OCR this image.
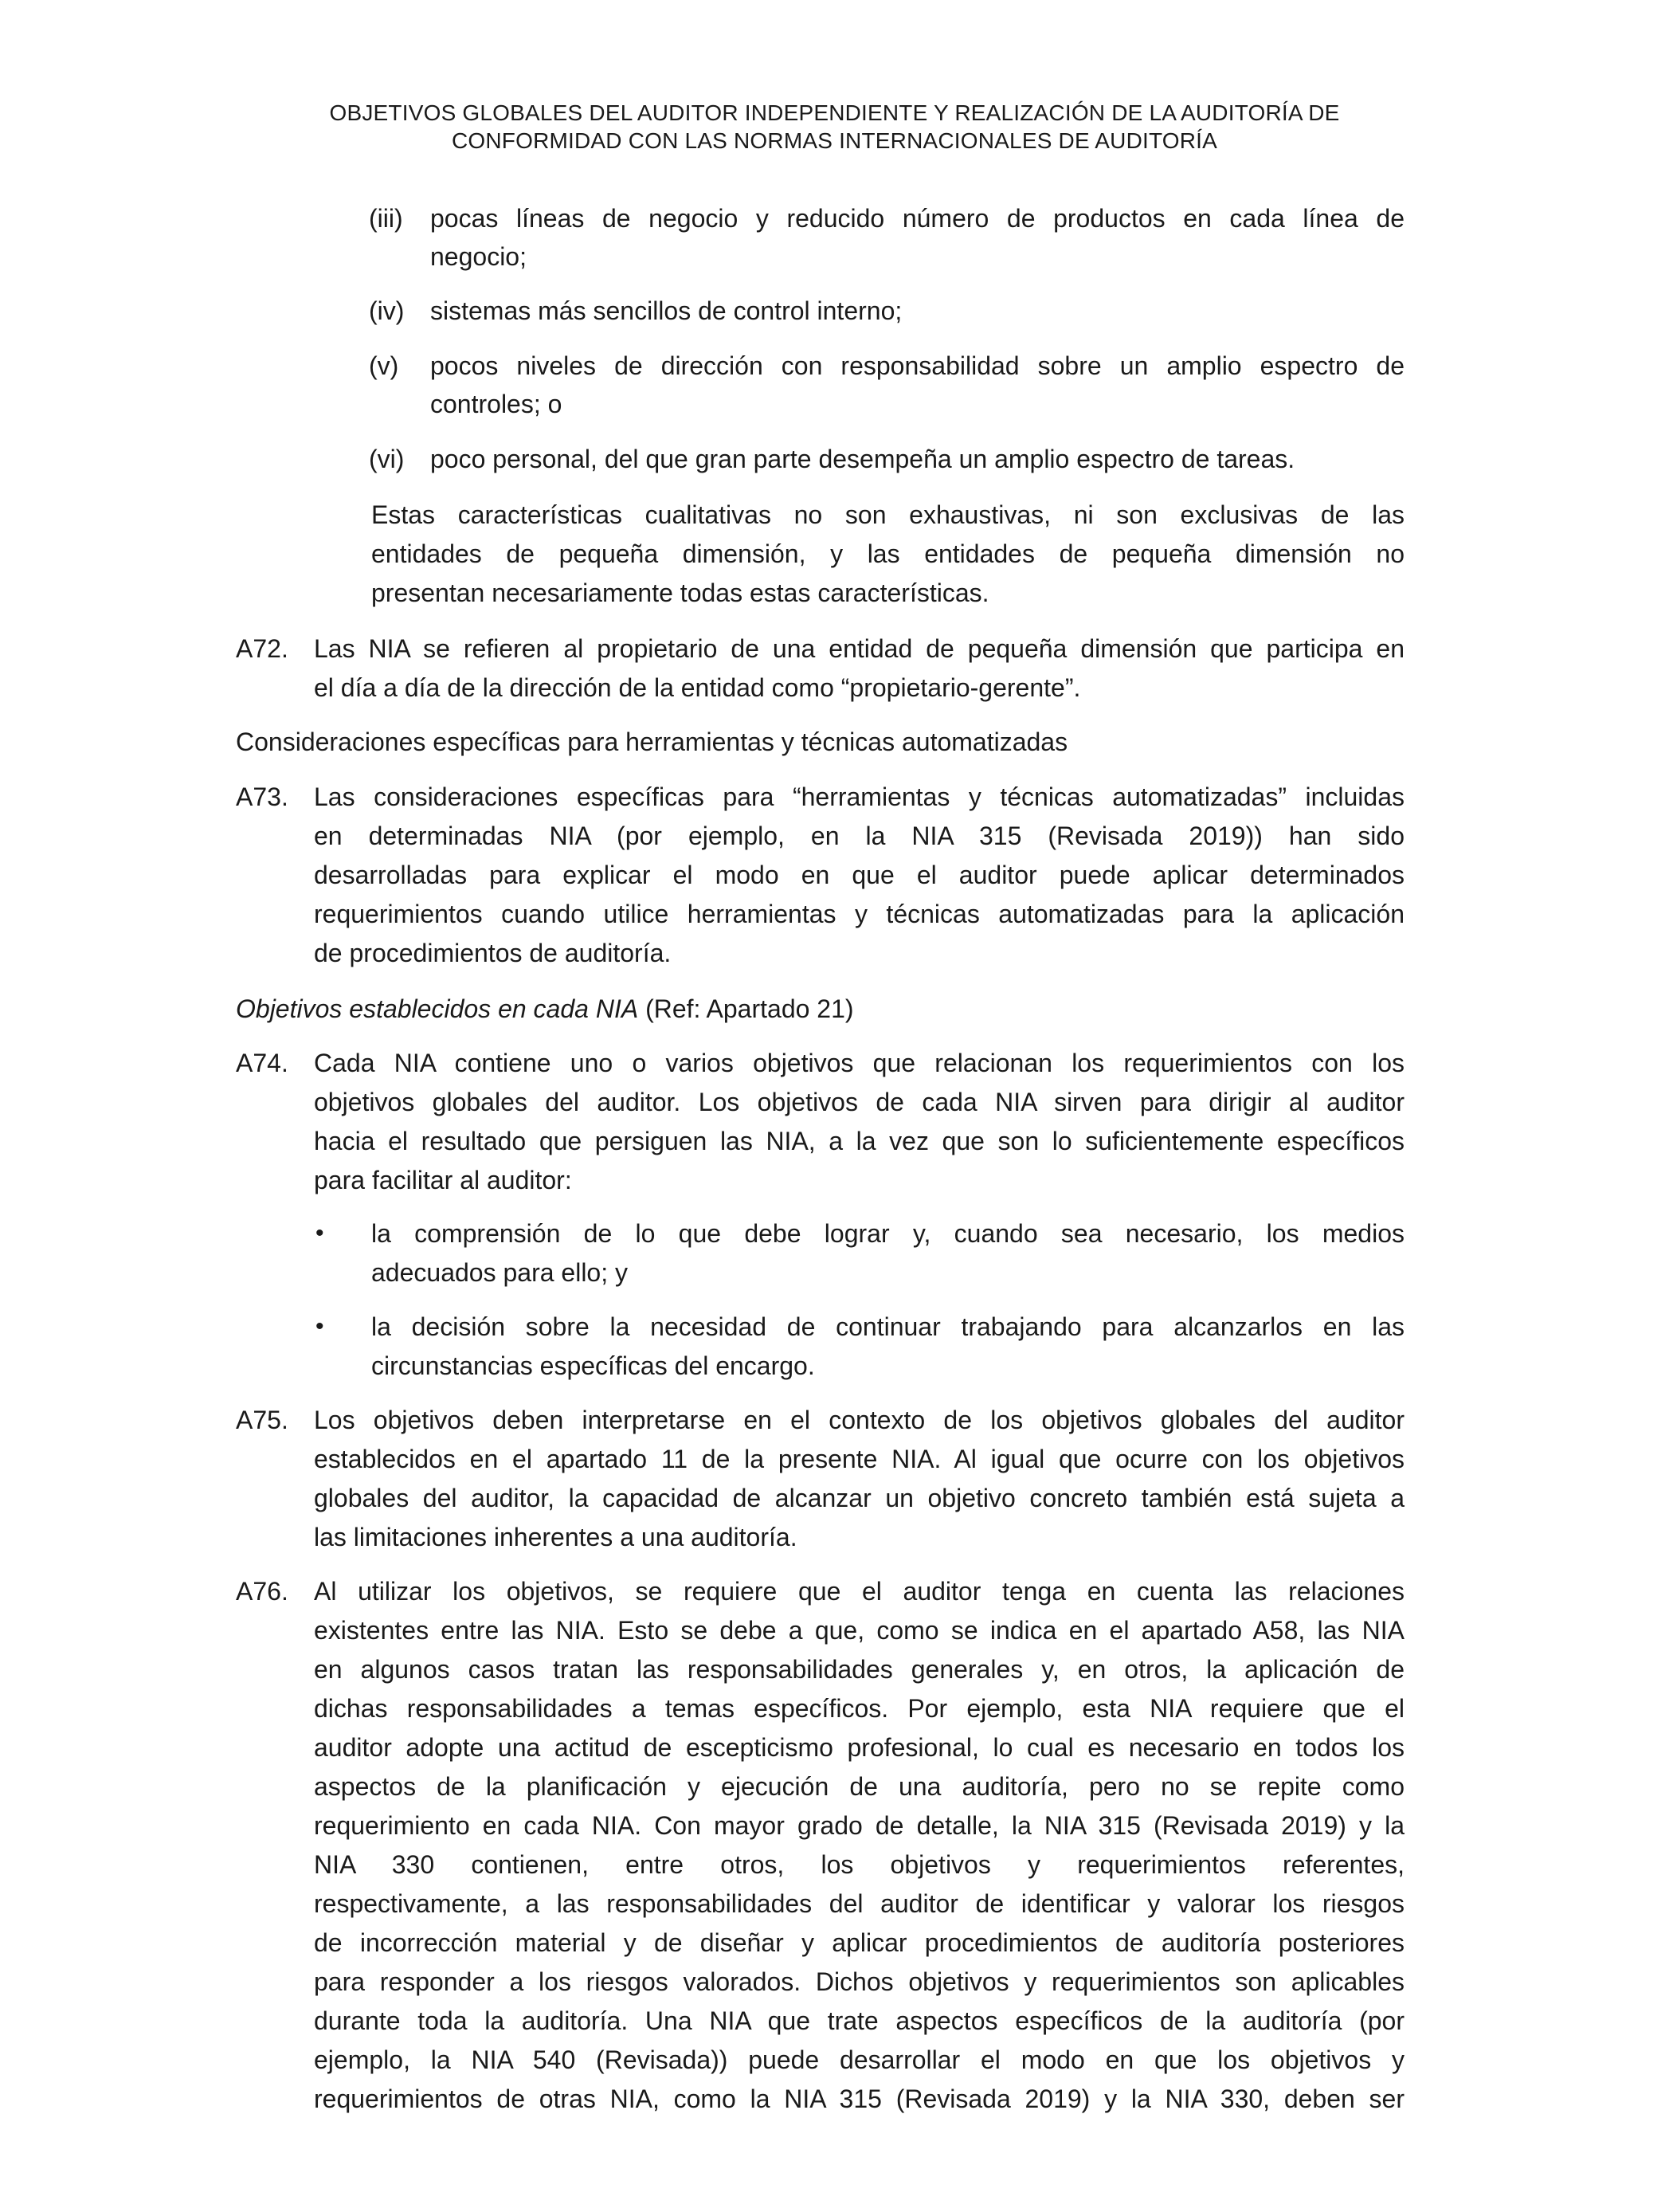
OBJETIVOS GLOBALES DEL AUDITOR INDEPENDIENTE Y REALIZACIÓN DE LA AUDITORÍA DE
CONFORMIDAD CON LAS NORMAS INTERNACIONALES DE AUDITORÍA
(iii) pocas líneas de negocio y reducido número de productos en cada línea de
negocio;
(iv) sistemas más sencillos de control interno;
(v) pocos niveles de dirección con responsabilidad sobre un amplio espectro de
controles; o
(vi) poco personal, del que gran parte desempeña un amplio espectro de tareas.
Estas características cualitativas no son exhaustivas, ni son exclusivas de las
entidades de pequeña dimensión, y las entidades de pequeña dimensión no
presentan necesariamente todas estas características.
A72. Las NIA se refieren al propietario de una entidad de pequeña dimensión que participa en
el día a día de la dirección de la entidad como “propietario-gerente”.
Consideraciones específicas para herramientas y técnicas automatizadas
A73. Las consideraciones específicas para “herramientas y técnicas automatizadas” incluidas
en determinadas NIA (por ejemplo, en la NIA 315 (Revisada 2019)) han sido
desarrolladas para explicar el modo en que el auditor puede aplicar determinados
requerimientos cuando utilice herramientas y técnicas automatizadas para la aplicación
de procedimientos de auditoría.
Objetivos establecidos en cada NIA (Ref: Apartado 21)
A74. Cada NIA contiene uno o varios objetivos que relacionan los requerimientos con los
objetivos globales del auditor. Los objetivos de cada NIA sirven para dirigir al auditor
hacia el resultado que persiguen las NIA, a la vez que son lo suficientemente específicos
para facilitar al auditor:
• la comprensión de lo que debe lograr y, cuando sea necesario, los medios
adecuados para ello; y
• la decisión sobre la necesidad de continuar trabajando para alcanzarlos en las
circunstancias específicas del encargo.
A75. Los objetivos deben interpretarse en el contexto de los objetivos globales del auditor
establecidos en el apartado 11 de la presente NIA. Al igual que ocurre con los objetivos
globales del auditor, la capacidad de alcanzar un objetivo concreto también está sujeta a
las limitaciones inherentes a una auditoría.
A76. Al utilizar los objetivos, se requiere que el auditor tenga en cuenta las relaciones
existentes entre las NIA. Esto se debe a que, como se indica en el apartado A58, las NIA
en algunos casos tratan las responsabilidades generales y, en otros, la aplicación de
dichas responsabilidades a temas específicos. Por ejemplo, esta NIA requiere que el
auditor adopte una actitud de escepticismo profesional, lo cual es necesario en todos los
aspectos de la planificación y ejecución de una auditoría, pero no se repite como
requerimiento en cada NIA. Con mayor grado de detalle, la NIA 315 (Revisada 2019) y la
NIA 330 contienen, entre otros, los objetivos y requerimientos referentes,
respectivamente, a las responsabilidades del auditor de identificar y valorar los riesgos
de incorrección material y de diseñar y aplicar procedimientos de auditoría posteriores
para responder a los riesgos valorados. Dichos objetivos y requerimientos son aplicables
durante toda la auditoría. Una NIA que trate aspectos específicos de la auditoría (por
ejemplo, la NIA 540 (Revisada)) puede desarrollar el modo en que los objetivos y
requerimientos de otras NIA, como la NIA 315 (Revisada 2019) y la NIA 330, deben ser
